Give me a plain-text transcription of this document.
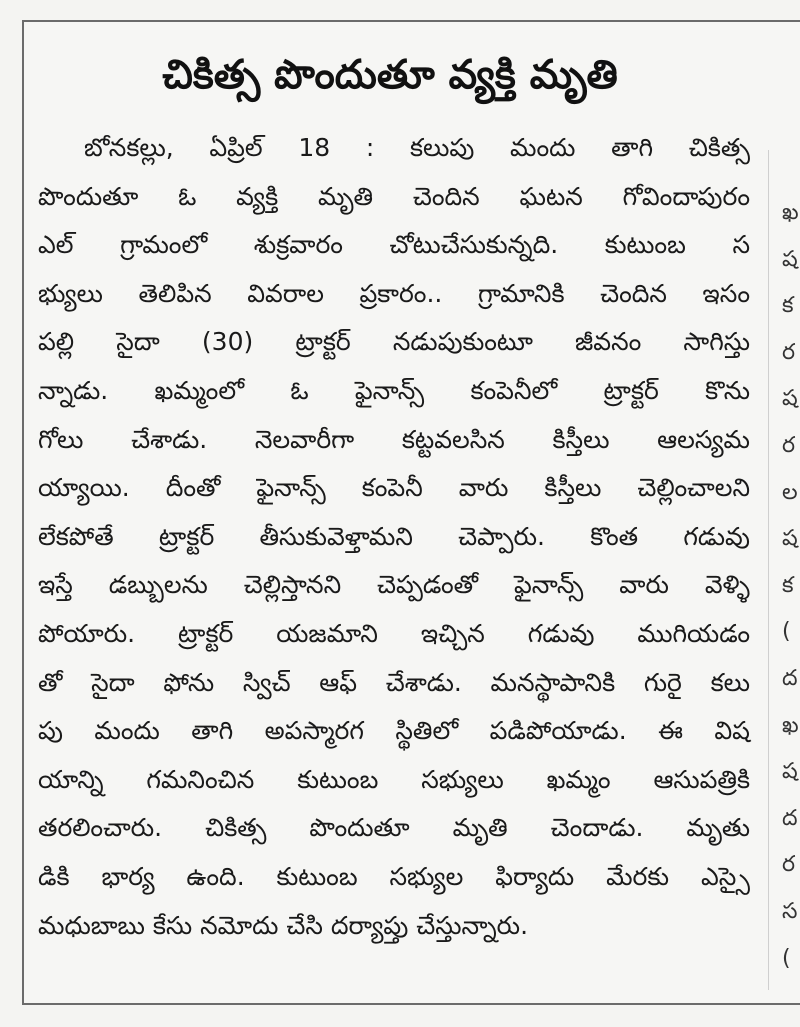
చికిత్స పొందుతూ వ్యక్తి మృతి
బోనకల్లు, ఏప్రిల్ 18 : కలుపు మందు తాగి చికిత్స
పొందుతూ ఓ వ్యక్తి మృతి చెందిన ఘటన గోవిందాపురం
ఎల్ గ్రామంలో శుక్రవారం చోటుచేసుకున్నది. కుటుంబ స
భ్యులు తెలిపిన వివరాల ప్రకారం.. గ్రామానికి చెందిన ఇసం
పల్లి సైదా (30) ట్రాక్టర్ నడుపుకుంటూ జీవనం సాగిస్తు
న్నాడు. ఖమ్మంలో ఓ ఫైనాన్స్ కంపెనీలో ట్రాక్టర్ కొను
గోలు చేశాడు. నెలవారీగా కట్టవలసిన కిస్తీలు ఆలస్యమ
య్యాయి. దీంతో ఫైనాన్స్ కంపెనీ వారు కిస్తీలు చెల్లించాలని
లేకపోతే ట్రాక్టర్ తీసుకువెళ్తామని చెప్పారు. కొంత గడువు
ఇస్తే డబ్బులను చెల్లిస్తానని చెప్పడంతో ఫైనాన్స్ వారు వెళ్ళి
పోయారు. ట్రాక్టర్ యజమాని ఇచ్చిన గడువు ముగియడం
తో సైదా ఫోను స్విచ్ ఆఫ్ చేశాడు. మనస్థాపానికి గురై కలు
పు మందు తాగి అపస్మారగ స్థితిలో పడిపోయాడు. ఈ విష
యాన్ని గమనించిన కుటుంబ సభ్యులు ఖమ్మం ఆసుపత్రికి
తరలించారు. చికిత్స పొందుతూ మృతి చెందాడు. మృతు
డికి భార్య ఉంది. కుటుంబ సభ్యుల ఫిర్యాదు మేరకు ఎస్సై
మధుబాబు కేసు నమోదు చేసి దర్యాప్తు చేస్తున్నారు.
ఖ
ష
క
ర
ష
ర
ల
ష
క
(
ద
ఖ
ష
ద
ర
స
(
